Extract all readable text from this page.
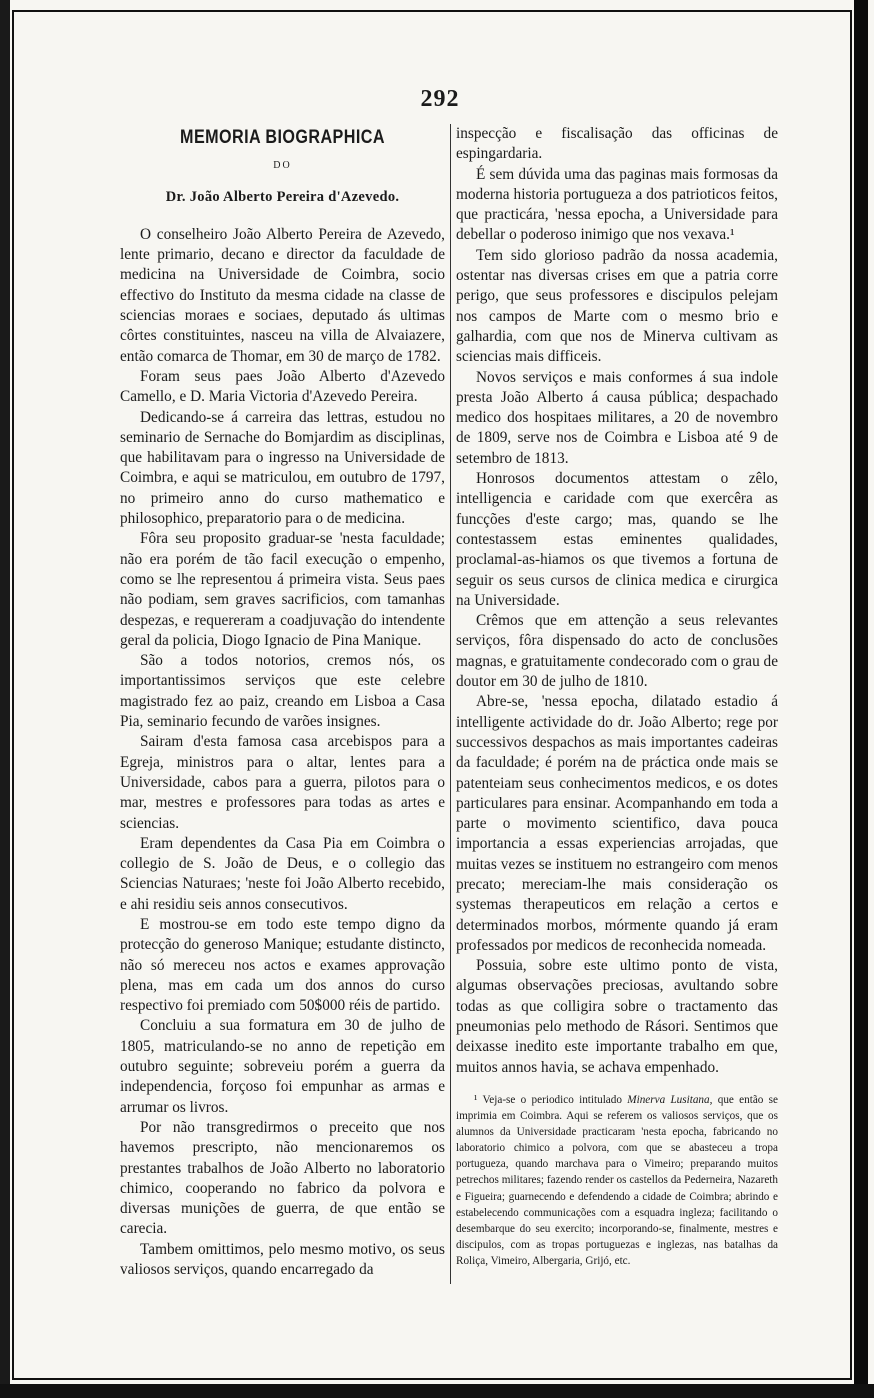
292
MEMORIA BIOGRAPHICA
DO
Dr. João Alberto Pereira d'Azevedo.

O conselheiro João Alberto Pereira de Azevedo, lente primario, decano e director da faculdade de medicina na Universidade de Coimbra, socio effectivo do Instituto da mesma cidade na classe de sciencias moraes e sociaes, deputado ás ultimas côrtes constituintes, nasceu na villa de Alvaiazere, então comarca de Thomar, em 30 de março de 1782.

Foram seus paes João Alberto d'Azevedo Camello, e D. Maria Victoria d'Azevedo Pereira.

Dedicando-se á carreira das lettras, estudou no seminario de Sernache do Bomjardim as disciplinas, que habilitavam para o ingresso na Universidade de Coimbra, e aqui se matriculou, em outubro de 1797, no primeiro anno do curso mathematico e philosophico, preparatorio para o de medicina.

Fôra seu proposito graduar-se 'nesta faculdade; não era porém de tão facil execução o empenho, como se lhe representou á primeira vista. Seus paes não podiam, sem graves sacrificios, com tamanhas despezas, e requereram a coadjuvação do intendente geral da policia, Diogo Ignacio de Pina Manique.

São a todos notorios, cremos nós, os importantissimos serviços que este celebre magistrado fez ao paiz, creando em Lisboa a Casa Pia, seminario fecundo de varões insignes.

Sairam d'esta famosa casa arcebispos para a Egreja, ministros para o altar, lentes para a Universidade, cabos para a guerra, pilotos para o mar, mestres e professores para todas as artes e sciencias.

Eram dependentes da Casa Pia em Coimbra o collegio de S. João de Deus, e o collegio das Sciencias Naturaes; 'neste foi João Alberto recebido, e ahi residiu seis annos consecutivos.

E mostrou-se em todo este tempo digno da protecção do generoso Manique; estudante distincto, não só mereceu nos actos e exames approvação plena, mas em cada um dos annos do curso respectivo foi premiado com 50$000 réis de partido.

Concluiu a sua formatura em 30 de julho de 1805, matriculando-se no anno de repetição em outubro seguinte; sobreveiu porém a guerra da independencia, forçoso foi empunhar as armas e arrumar os livros.

Por não transgredirmos o preceito que nos havemos prescripto, não mencionaremos os prestantes trabalhos de João Alberto no laboratorio chimico, cooperando no fabrico da polvora e diversas munições de guerra, de que então se carecia.

Tambem omittimos, pelo mesmo motivo, os seus valiosos serviços, quando encarregado da

inspecção e fiscalisação das officinas de espingardaria.

É sem dúvida uma das paginas mais formosas da moderna historia portugueza a dos patrioticos feitos, que practicára, 'nessa epocha, a Universidade para debellar o poderoso inimigo que nos vexava.¹

Tem sido glorioso padrão da nossa academia, ostentar nas diversas crises em que a patria corre perigo, que seus professores e discipulos pelejam nos campos de Marte com o mesmo brio e galhardia, com que nos de Minerva cultivam as sciencias mais difficeis.

Novos serviços e mais conformes á sua indole presta João Alberto á causa pública; despachado medico dos hospitaes militares, a 20 de novembro de 1809, serve nos de Coimbra e Lisboa até 9 de setembro de 1813.

Honrosos documentos attestam o zêlo, intelligencia e caridade com que exercêra as funcções d'este cargo; mas, quando se lhe contestassem estas eminentes qualidades, proclamal-as-hiamos os que tivemos a fortuna de seguir os seus cursos de clinica medica e cirurgica na Universidade.

Crêmos que em attenção a seus relevantes serviços, fôra dispensado do acto de conclusões magnas, e gratuitamente condecorado com o grau de doutor em 30 de julho de 1810.

Abre-se, 'nessa epocha, dilatado estadio á intelligente actividade do dr. João Alberto; rege por successivos despachos as mais importantes cadeiras da faculdade; é porém na de práctica onde mais se patenteiam seus conhecimentos medicos, e os dotes particulares para ensinar. Acompanhando em toda a parte o movimento scientifico, dava pouca importancia a essas experiencias arrojadas, que muitas vezes se instituem no estrangeiro com menos precato; mereciam-lhe mais consideração os systemas therapeuticos em relação a certos e determinados morbos, mórmente quando já eram professados por medicos de reconhecida nomeada.

Possuia, sobre este ultimo ponto de vista, algumas observações preciosas, avultando sobre todas as que colligira sobre o tractamento das pneumonias pelo methodo de Rásori. Sentimos que deixasse inedito este importante trabalho em que, muitos annos havia, se achava empenhado.

¹ Veja-se o periodico intitulado Minerva Lusitana, que então se imprimia em Coimbra. Aqui se referem os valiosos serviços, que os alumnos da Universidade practicaram 'nesta epocha, fabricando no laboratorio chimico a polvora, com que se abasteceu a tropa portugueza, quando marchava para o Vimeiro; preparando muitos petrechos militares; fazendo render os castellos da Pederneira, Nazareth e Figueira; guarnecendo e defendendo a cidade de Coimbra; abrindo e estabelecendo communicações com a esquadra ingleza; facilitando o desembarque do seu exercito; incorporando-se, finalmente, mestres e discipulos, com as tropas portuguezas e inglezas, nas batalhas da Roliça, Vimeiro, Albergaria, Grijó, etc.
